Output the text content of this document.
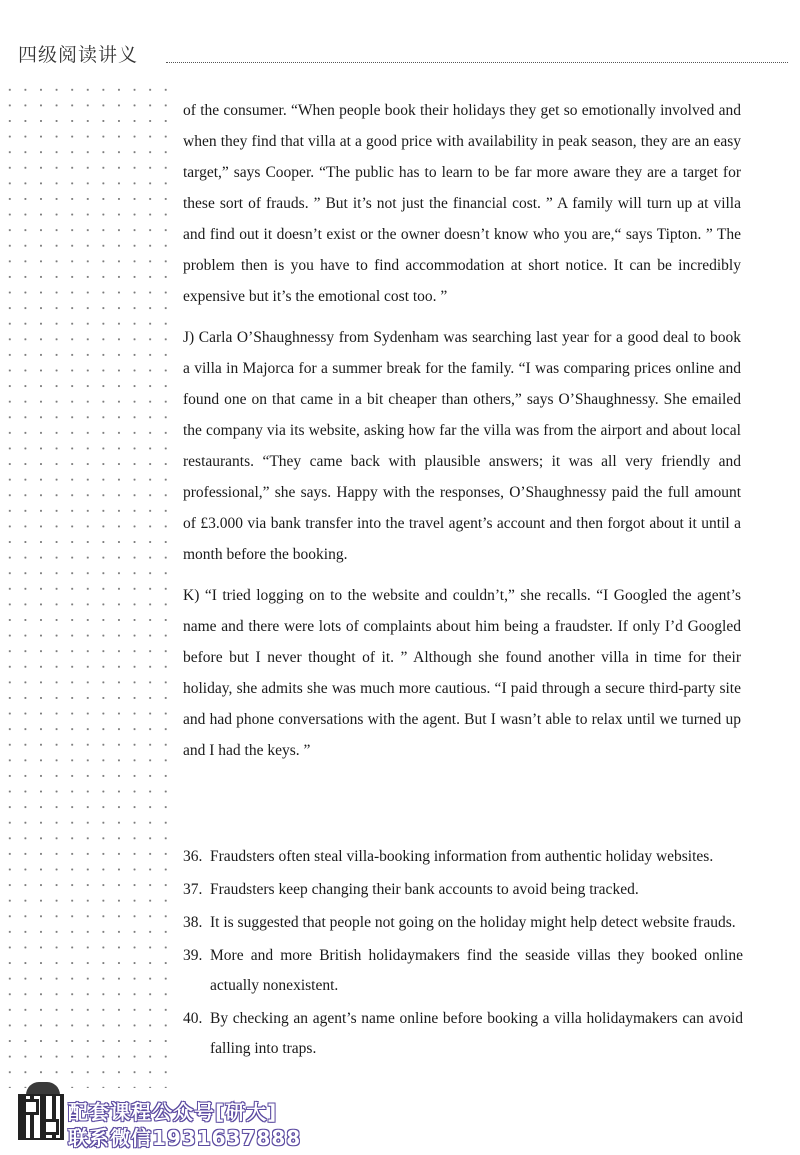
四级阅读讲义

of the consumer. “When people book their holidays they get so emotionally involved and when they find that villa at a good price with availability in peak season, they are an easy target,” says Cooper. “The public has to learn to be far more aware they are a target for these sort of frauds. ” But it’s not just the financial cost. ” A family will turn up at villa and find out it doesn’t exist or the owner doesn’t know who you are,“ says Tipton. ” The problem then is you have to find accommodation at short notice. It can be incredibly expensive but it’s the emotional cost too. ”

J) Carla O’Shaughnessy from Sydenham was searching last year for a good deal to book a villa in Majorca for a summer break for the family. “I was comparing prices online and found one on that came in a bit cheaper than others,” says O’Shaughnessy. She emailed the company via its website, asking how far the villa was from the airport and about local restaurants. “They came back with plausible answers; it was all very friendly and professional,” she says. Happy with the responses, O’Shaughnessy paid the full amount of £3.000 via bank transfer into the travel agent’s account and then forgot about it until a month before the booking.

K) “I tried logging on to the website and couldn’t,” she recalls. “I Googled the agent’s name and there were lots of complaints about him being a fraudster. If only I’d Googled before but I never thought of it. ” Although she found another villa in time for their holiday, she admits she was much more cautious. “I paid through a secure third-party site and had phone conversations with the agent. But I wasn’t able to relax until we turned up and I had the keys. ”

36. Fraudsters often steal villa-booking information from authentic holiday websites.
37. Fraudsters keep changing their bank accounts to avoid being tracked.
38. It is suggested that people not going on the holiday might help detect website frauds.
39. More and more British holidaymakers find the seaside villas they booked online actually nonexistent.
40. By checking an agent’s name online before booking a villa holidaymakers can avoid falling into traps.
配套课程公众号[研大]
联系微信1931637888
